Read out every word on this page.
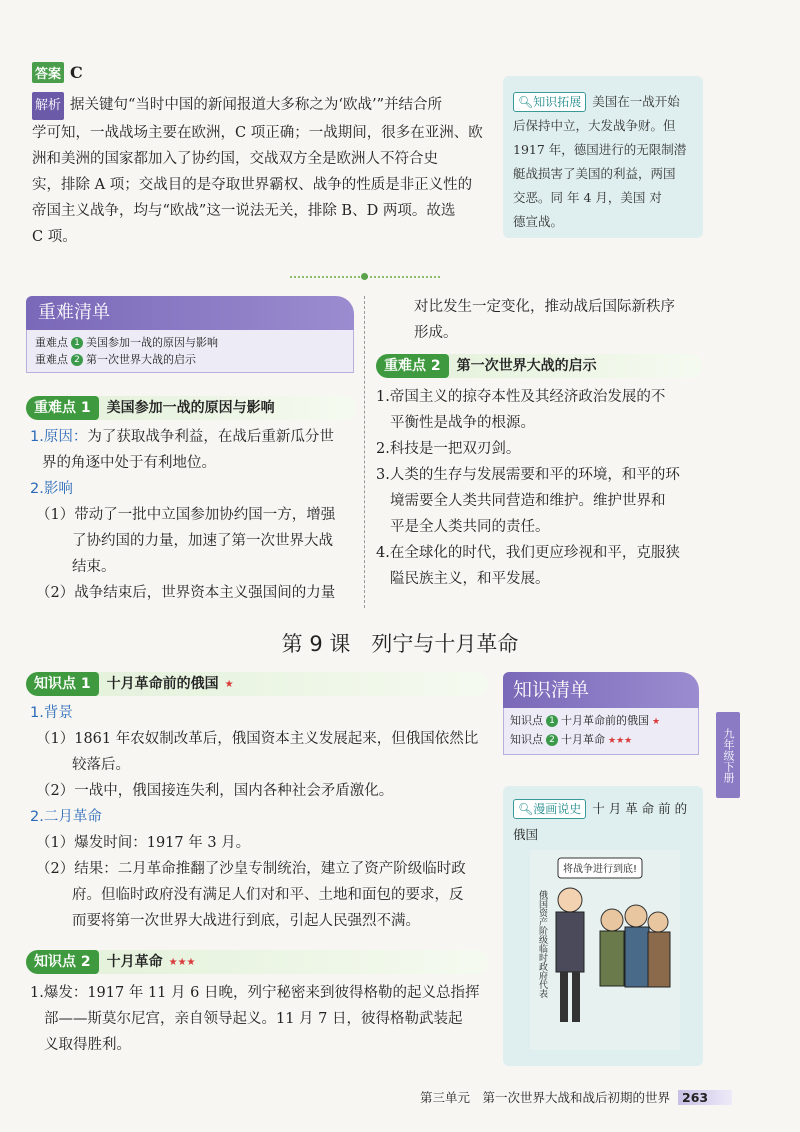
答案 C
解析 据关键句“当时中国的新闻报道大多称之为‘欧战’”并结合所
学可知，一战战场主要在欧洲，C 项正确；一战期间，很多在亚洲、欧
洲和美洲的国家都加入了协约国，交战双方全是欧洲人不符合史
实，排除 A 项；交战目的是夺取世界霸权、战争的性质是非正义性的
帝国主义战争，均与“欧战”这一说法无关，排除 B、D 两项。故选
C 项。
🔍︎知识拓展 美国在一战开始
后保持中立，大发战争财。但
1917 年，德国进行的无限制潜
艇战损害了美国的利益，两国
交恶。同 年 4 月，美国 对
德宣战。
重难清单
重难点 1 美国参加一战的原因与影响
重难点 2 第一次世界大战的启示
重难点 1 美国参加一战的原因与影响
1.原因：为了获取战争利益，在战后重新瓜分世
界的角逐中处于有利地位。
2.影响
（1）带动了一批中立国参加协约国一方，增强
了协约国的力量，加速了第一次世界大战
结束。
（2）战争结束后，世界资本主义强国间的力量
对比发生一定变化，推动战后国际新秩序
形成。
重难点 2 第一次世界大战的启示
1.帝国主义的掠夺本性及其经济政治发展的不
平衡性是战争的根源。
2.科技是一把双刃剑。
3.人类的生存与发展需要和平的环境，和平的环
境需要全人类共同营造和维护。维护世界和
平是全人类共同的责任。
4.在全球化的时代，我们更应珍视和平，克服狭
隘民族主义，和平发展。
第 9 课　列宁与十月革命
知识点 1 十月革命前的俄国 ★
1.背景
（1）1861 年农奴制改革后，俄国资本主义发展起来，但俄国依然比
较落后。
（2）一战中，俄国接连失利，国内各种社会矛盾激化。
2.二月革命
（1）爆发时间：1917 年 3 月。
（2）结果：二月革命推翻了沙皇专制统治，建立了资产阶级临时政
府。但临时政府没有满足人们对和平、土地和面包的要求，反
而要将第一次世界大战进行到底，引起人民强烈不满。
知识点 2 十月革命 ★★★
1.爆发：1917 年 11 月 6 日晚，列宁秘密来到彼得格勒的起义总指挥
部——斯莫尔尼宫，亲自领导起义。11 月 7 日，彼得格勒武装起
义取得胜利。
知识清单
知识点 1 十月革命前的俄国 ★
知识点 2 十月革命 ★★★	九年级下册
🔍︎漫画说史 十 月 革 命 前 的
俄国
将战争进行到底!
俄国资产阶级临时政府代表
第三单元　第一次世界大战和战后初期的世界 263
